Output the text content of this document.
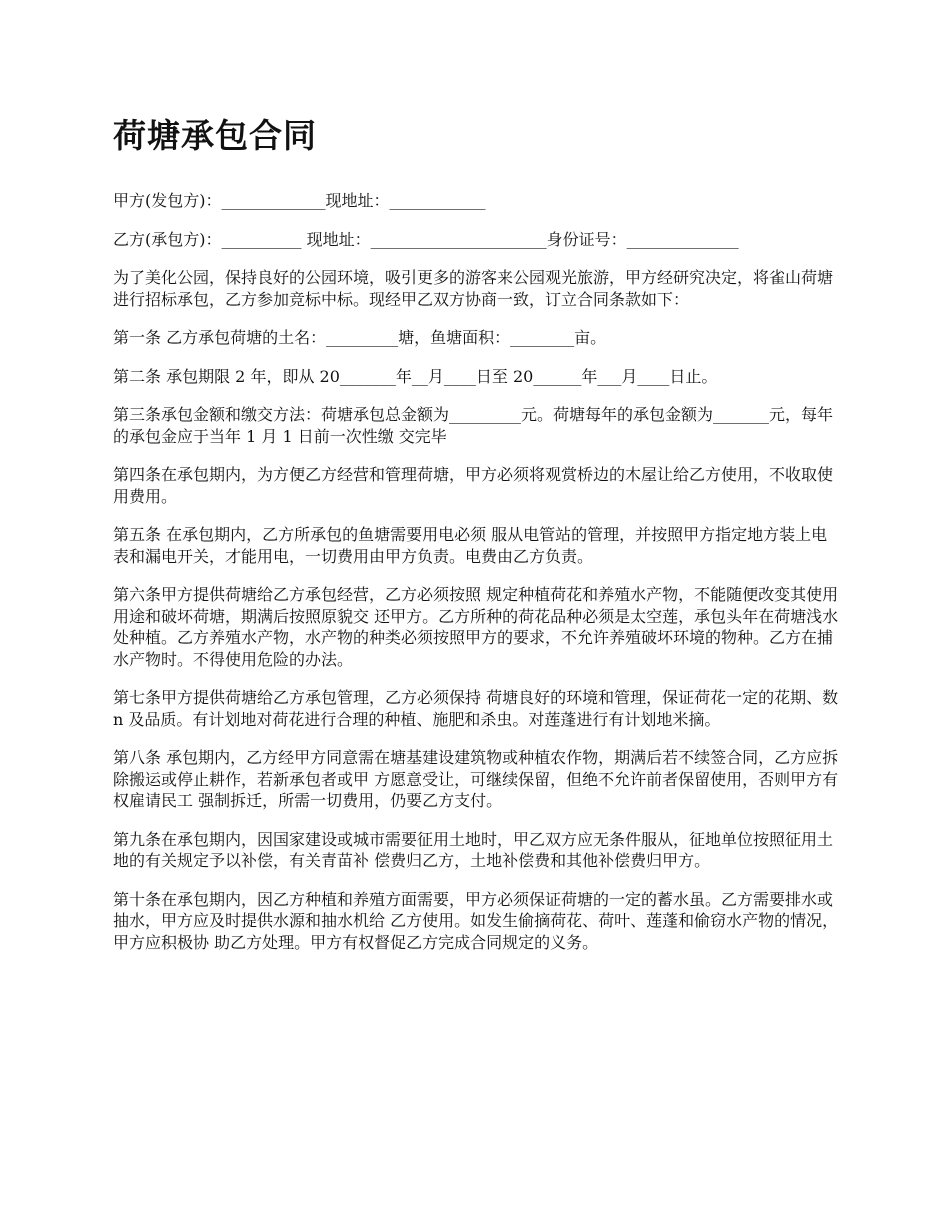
荷塘承包合同

甲方(发包方)：_____________现地址：____________

乙方(承包方)：__________ 现地址：______________________身份证号：______________

为了美化公园，保持良好的公园环境，吸引更多的游客来公园观光旅游，甲方经研究决定，将雀山荷塘进行招标承包，乙方参加竞标中标。现经甲乙双方协商一致，订立合同条款如下：

第一条 乙方承包荷塘的土名：_________塘，鱼塘面积：________亩。

第二条 承包期限 2 年，即从 20_______年__月____日至 20______年___月____日止。

第三条承包金额和缴交方法：荷塘承包总金额为_________元。荷塘每年的承包金额为_______元，每年的承包金应于当年 1 月 1 日前一次性缴 交完毕

第四条在承包期内，为方便乙方经营和管理荷塘，甲方必须将观赏桥边的木屋让给乙方使用，不收取使用费用。

第五条 在承包期内，乙方所承包的鱼塘需要用电必须 服从电管站的管理，并按照甲方指定地方装上电表和漏电开关，才能用电，一切费用由甲方负责。电费由乙方负责。

第六条甲方提供荷塘给乙方承包经营，乙方必须按照 规定种植荷花和养殖水产物，不能随便改变其使用用途和破坏荷塘，期满后按照原貌交 还甲方。乙方所种的荷花品种必须是太空莲，承包头年在荷塘浅水处种植。乙方养殖水产物，水产物的种类必须按照甲方的要求，不允许养殖破坏环境的物种。乙方在捕水产物时。不得使用危险的办法。

第七条甲方提供荷塘给乙方承包管理，乙方必须保持 荷塘良好的环境和管理，保证荷花一定的花期、数 n 及品质。有计划地对荷花进行合理的种植、施肥和杀虫。对莲蓬进行有计划地米摘。

第八条 承包期内，乙方经甲方同意需在塘基建设建筑物或种植农作物，期满后若不续签合同，乙方应拆除搬运或停止耕作，若新承包者或甲 方愿意受让，可继续保留，但绝不允许前者保留使用，否则甲方有权雇请民工 强制拆迁，所需一切费用，仍要乙方支付。

第九条在承包期内，因国家建设或城市需要征用土地时，甲乙双方应无条件服从，征地单位按照征用土地的有关规定予以补偿，有关青苗补 偿费归乙方，土地补偿费和其他补偿费归甲方。

第十条在承包期内，因乙方种植和养殖方面需要，甲方必须保证荷塘的一定的蓄水虽。乙方需要排水或抽水，甲方应及时提供水源和抽水机给 乙方使用。如发生偷摘荷花、荷叶、莲蓬和偷窃水产物的情况，甲方应积极协 助乙方处理。甲方有权督促乙方完成合同规定的义务。
